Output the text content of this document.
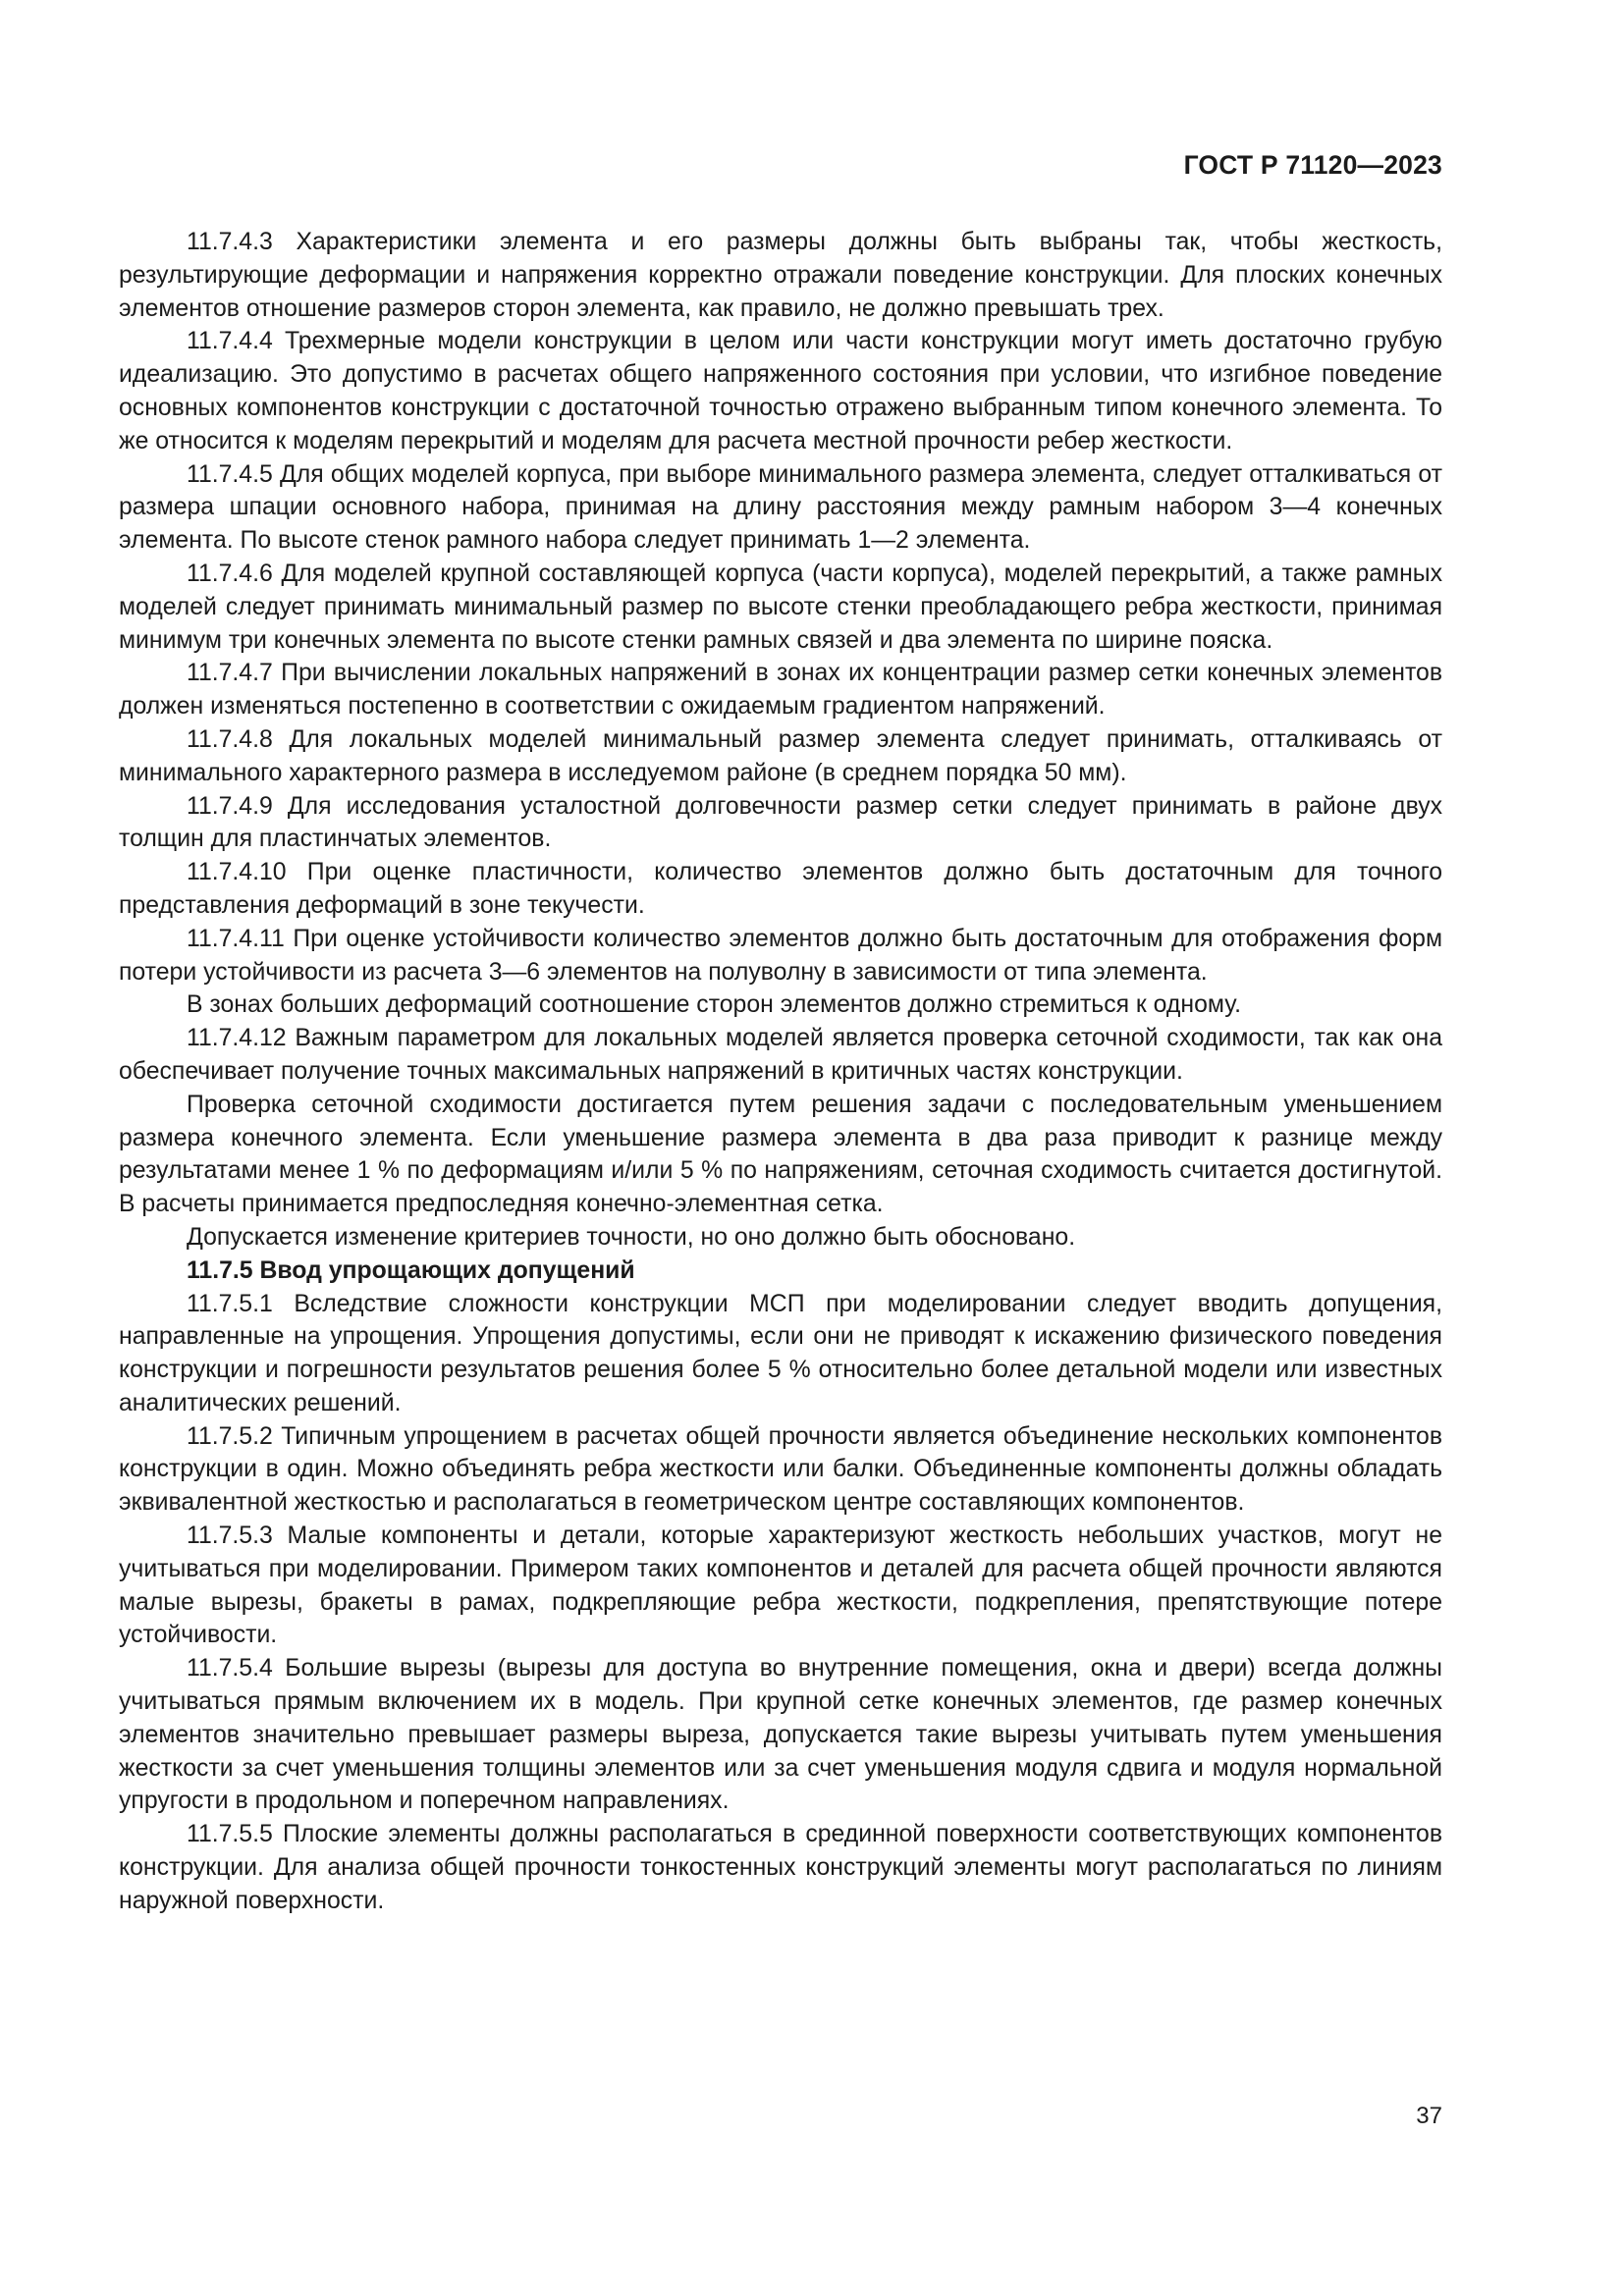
ГОСТ Р 71120—2023

11.7.4.3 Характеристики элемента и его размеры должны быть выбраны так, чтобы жесткость, результирующие деформации и напряжения корректно отражали поведение конструкции. Для плоских конечных элементов отношение размеров сторон элемента, как правило, не должно превышать трех.

11.7.4.4 Трехмерные модели конструкции в целом или части конструкции могут иметь достаточно грубую идеализацию. Это допустимо в расчетах общего напряженного состояния при условии, что изгибное поведение основных компонентов конструкции с достаточной точностью отражено выбранным типом конечного элемента. То же относится к моделям перекрытий и моделям для расчета местной прочности ребер жесткости.

11.7.4.5 Для общих моделей корпуса, при выборе минимального размера элемента, следует отталкиваться от размера шпации основного набора, принимая на длину расстояния между рамным набором 3—4 конечных элемента. По высоте стенок рамного набора следует принимать 1—2 элемента.

11.7.4.6 Для моделей крупной составляющей корпуса (части корпуса), моделей перекрытий, а также рамных моделей следует принимать минимальный размер по высоте стенки преобладающего ребра жесткости, принимая минимум три конечных элемента по высоте стенки рамных связей и два элемента по ширине пояска.

11.7.4.7 При вычислении локальных напряжений в зонах их концентрации размер сетки конечных элементов должен изменяться постепенно в соответствии с ожидаемым градиентом напряжений.

11.7.4.8 Для локальных моделей минимальный размер элемента следует принимать, отталкиваясь от минимального характерного размера в исследуемом районе (в среднем порядка 50 мм).

11.7.4.9 Для исследования усталостной долговечности размер сетки следует принимать в районе двух толщин для пластинчатых элементов.

11.7.4.10 При оценке пластичности, количество элементов должно быть достаточным для точного представления деформаций в зоне текучести.

11.7.4.11 При оценке устойчивости количество элементов должно быть достаточным для отображения форм потери устойчивости из расчета 3—6 элементов на полуволну в зависимости от типа элемента.

В зонах больших деформаций соотношение сторон элементов должно стремиться к одному.

11.7.4.12 Важным параметром для локальных моделей является проверка сеточной сходимости, так как она обеспечивает получение точных максимальных напряжений в критичных частях конструкции.

Проверка сеточной сходимости достигается путем решения задачи с последовательным уменьшением размера конечного элемента. Если уменьшение размера элемента в два раза приводит к разнице между результатами менее 1 % по деформациям и/или 5 % по напряжениям, сеточная сходимость считается достигнутой. В расчеты принимается предпоследняя конечно-элементная сетка.

Допускается изменение критериев точности, но оно должно быть обосновано.

11.7.5 Ввод упрощающих допущений

11.7.5.1 Вследствие сложности конструкции МСП при моделировании следует вводить допущения, направленные на упрощения. Упрощения допустимы, если они не приводят к искажению физического поведения конструкции и погрешности результатов решения более 5 % относительно более детальной модели или известных аналитических решений.

11.7.5.2 Типичным упрощением в расчетах общей прочности является объединение нескольких компонентов конструкции в один. Можно объединять ребра жесткости или балки. Объединенные компоненты должны обладать эквивалентной жесткостью и располагаться в геометрическом центре составляющих компонентов.

11.7.5.3 Малые компоненты и детали, которые характеризуют жесткость небольших участков, могут не учитываться при моделировании. Примером таких компонентов и деталей для расчета общей прочности являются малые вырезы, бракеты в рамах, подкрепляющие ребра жесткости, подкрепления, препятствующие потере устойчивости.

11.7.5.4 Большие вырезы (вырезы для доступа во внутренние помещения, окна и двери) всегда должны учитываться прямым включением их в модель. При крупной сетке конечных элементов, где размер конечных элементов значительно превышает размеры выреза, допускается такие вырезы учитывать путем уменьшения жесткости за счет уменьшения толщины элементов или за счет уменьшения модуля сдвига и модуля нормальной упругости в продольном и поперечном направлениях.

11.7.5.5 Плоские элементы должны располагаться в срединной поверхности соответствующих компонентов конструкции. Для анализа общей прочности тонкостенных конструкций элементы могут располагаться по линиям наружной поверхности.

37
